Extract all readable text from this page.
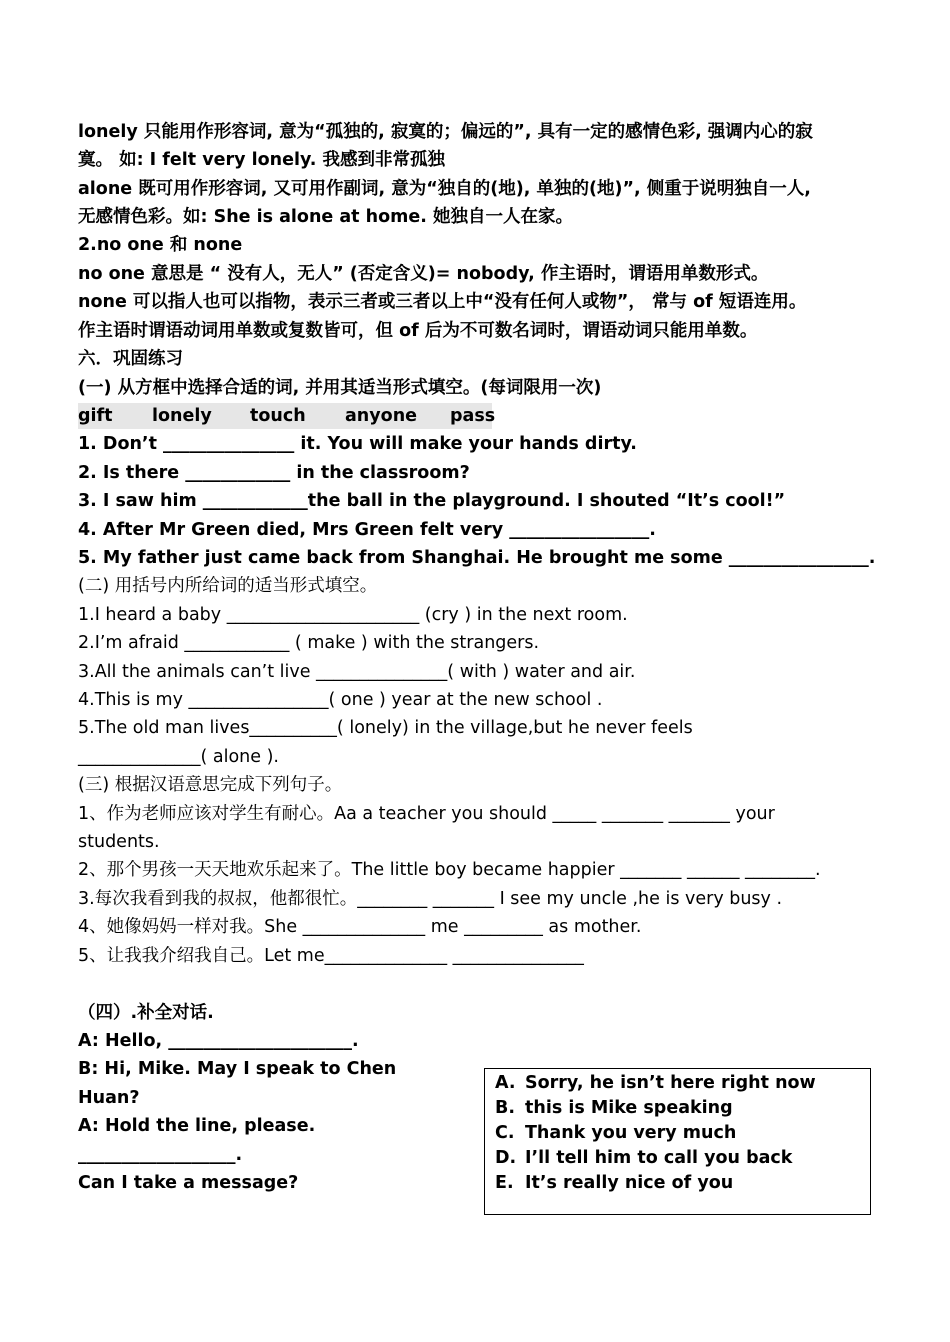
lonely 只能用作形容词, 意为“孤独的, 寂寞的；偏远的”, 具有一定的感情色彩, 强调内心的寂
寞。 如: I felt very lonely. 我感到非常孤独
alone 既可用作形容词, 又可用作副词, 意为“独自的(地), 单独的(地)”, 侧重于说明独自一人,
无感情色彩。如: She is alone at home. 她独自一人在家。
2.no one 和 none
no one 意思是 “ 没有人，无人” (否定含义)= nobody, 作主语时，谓语用单数形式。
none 可以指人也可以指物，表示三者或三者以上中“没有任何人或物”， 常与 of 短语连用。
作主语时谓语动词用单数或复数皆可，但 of 后为不可数名词时，谓语动词只能用单数。
六．巩固练习
(一) 从方框中选择合适的词, 并用其适当形式填空。(每词限用一次)
gift lonely touch anyone pass
1. Don’t _______________ it. You will make your hands dirty.
2. Is there ____________ in the classroom?
3. I saw him ____________the ball in the playground. I shouted “It’s cool!”
4. After Mr Green died, Mrs Green felt very ________________.
5. My father just came back from Shanghai. He brought me some ________________.
(二) 用括号内所给词的适当形式填空。
1.I heard a baby ______________________ (cry ) in the next room.
2.I’m afraid ____________ ( make ) with the strangers.
3.All the animals can’t live _______________( with ) water and air.
4.This is my ________________( one ) year at the new school .
5.The old man lives__________( lonely) in the village,but he never feels
______________( alone ).
(三) 根据汉语意思完成下列句子。
1、作为老师应该对学生有耐心。Aa a teacher you should _____ _______ _______ your
students.
2、那个男孩一天天地欢乐起来了。The little boy became happier _______ ______ ________.
3.每次我看到我的叔叔，他都很忙。________ _______ I see my uncle ,he is very busy .
4、她像妈妈一样对我。She ______________ me _________ as mother.
5、让我我介绍我自己。Let me______________ _______________
（四）.补全对话.
A: Hello, _____________________.
B: Hi, Mike. May I speak to Chen
Huan?
A: Hold the line, please.
__________________.
Can I take a message?
A. Sorry, he isn’t here right now
B. this is Mike speaking
C. Thank you very much
D. I’ll tell him to call you back
E. It’s really nice of you
